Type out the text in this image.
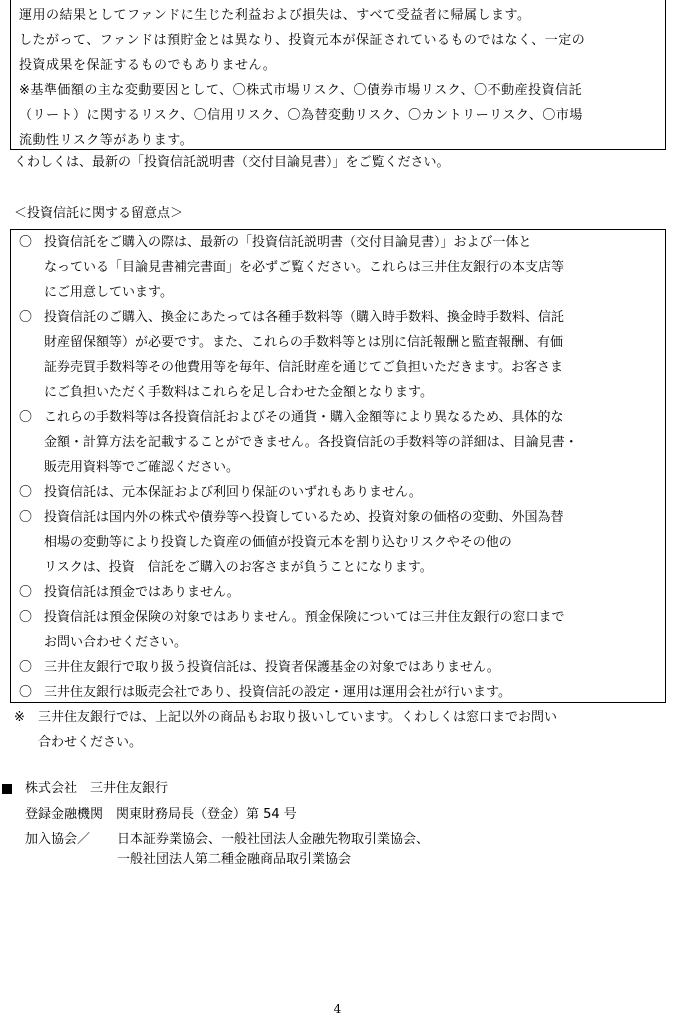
運用の結果としてファンドに生じた利益および損失は、すべて受益者に帰属します。
したがって、ファンドは預貯金とは異なり、投資元本が保証されているものではなく、一定の
投資成果を保証するものでもありません。
※基準価額の主な変動要因として、〇株式市場リスク、〇債券市場リスク、〇不動産投資信託
（リート）に関するリスク、〇信用リスク、〇為替変動リスク、〇カントリーリスク、〇市場
流動性リスク等があります。
くわしくは、最新の「投資信託説明書（交付目論見書）」をご覧ください。
＜投資信託に関する留意点＞
〇 投資信託をご購入の際は、最新の「投資信託説明書（交付目論見書）」および一体と
なっている「目論見書補完書面」を必ずご覧ください。これらは三井住友銀行の本支店等
にご用意しています。
〇 投資信託のご購入、換金にあたっては各種手数料等（購入時手数料、換金時手数料、信託
財産留保額等）が必要です。また、これらの手数料等とは別に信託報酬と監査報酬、有価
証券売買手数料等その他費用等を毎年、信託財産を通じてご負担いただきます。お客さま
にご負担いただく手数料はこれらを足し合わせた金額となります。
〇 これらの手数料等は各投資信託およびその通貨・購入金額等により異なるため、具体的な
金額・計算方法を記載することができません。各投資信託の手数料等の詳細は、目論見書・
販売用資料等でご確認ください。
〇 投資信託は、元本保証および利回り保証のいずれもありません。
〇 投資信託は国内外の株式や債券等へ投資しているため、投資対象の価格の変動、外国為替
相場の変動等により投資した資産の価値が投資元本を割り込むリスクやその他の
リスクは、投資　信託をご購入のお客さまが負うことになります。
〇 投資信託は預金ではありません。
〇 投資信託は預金保険の対象ではありません。預金保険については三井住友銀行の窓口まで
お問い合わせください。
〇 三井住友銀行で取り扱う投資信託は、投資者保護基金の対象ではありません。
〇 三井住友銀行は販売会社であり、投資信託の設定・運用は運用会社が行います。
※	三井住友銀行では、上記以外の商品もお取り扱いしています。くわしくは窓口までお問い
合わせください。
株式会社　三井住友銀行
登録金融機関　関東財務局長（登金）第 54 号
加入協会／ 日本証券業協会、一般社団法人金融先物取引業協会、
一般社団法人第二種金融商品取引業協会
4
